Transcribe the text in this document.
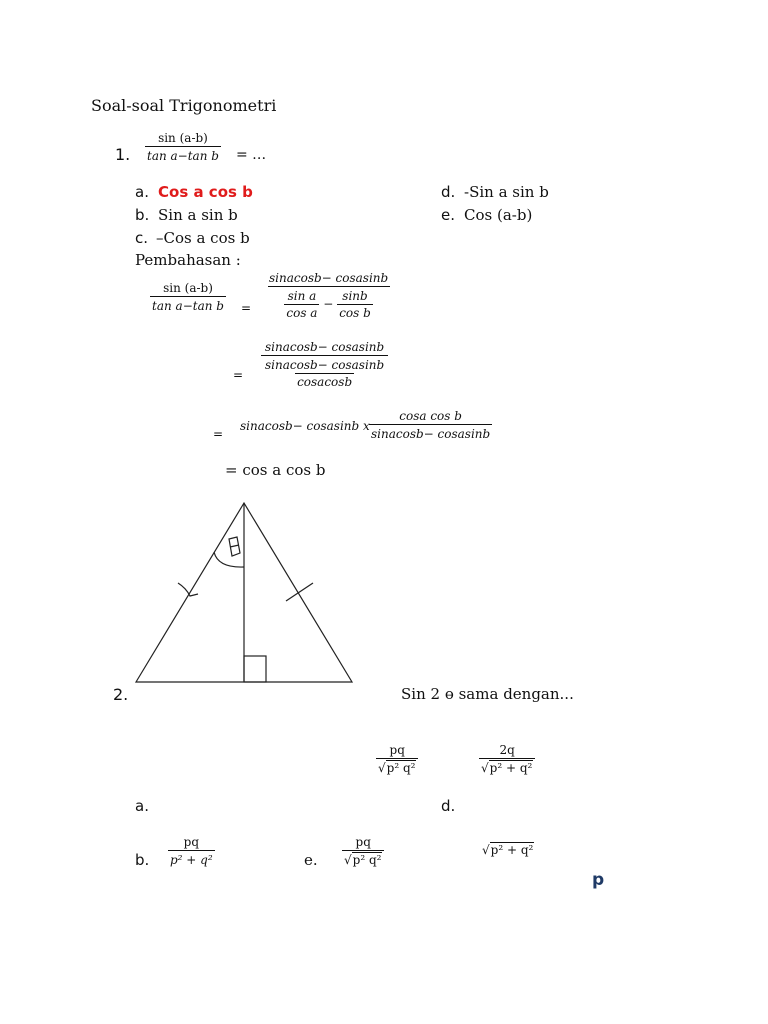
Soal-soal Trigonometri
1. $\frac{\sin (a-b)}{\text{tan a−tan b}}$ = …
a. Cos a cos b
b. Sin a sin b
c. –Cos a cos b
d. -Sin a sin b
e. Cos (a-b)
Pembahasan :
$\frac{\sin (a-b)}{\text{tan a−tan b}} = \frac{\text{sinacosb− cosasinb}}{\frac{\text{sin a}}{\text{cos a}} - \frac{\sin b}{\text{cos b}}}$
= $\frac{\text{sinacosb− cosasinb}}{\frac{\text{sinacosb− cosasinb}}{\text{cosacosb}}}$
=
sinacosb− cosasinb x $\frac{\text{cosa cos b}}{\text{sinacosb− cosasinb}}$
= cos a cos b
2.	Sin 2 ɵ sama dengan...
$\frac{pq}{\text{√p² q²}}$	$\frac{2q}{\text{√p² + q²}}$
a.	d.
b. $\frac{pq}{\text{p² + q²}}$	e. $\frac{pq}{\text{√p² q²}}$	√p² + q²
p
